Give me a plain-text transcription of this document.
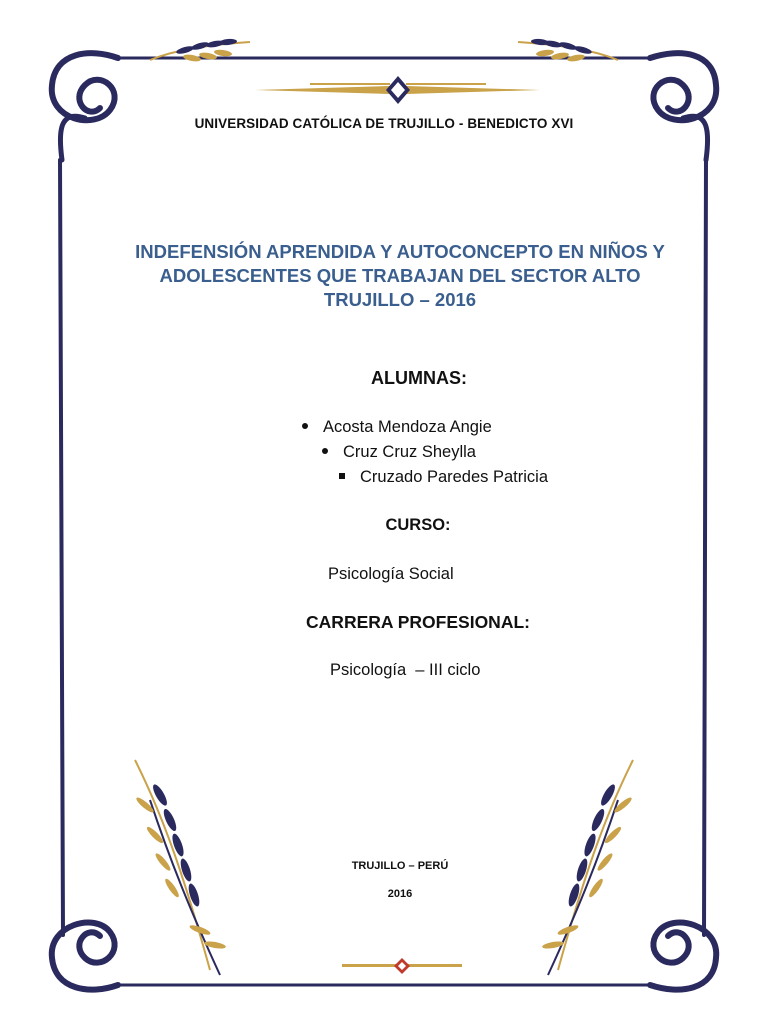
UNIVERSIDAD CATÓLICA DE TRUJILLO - BENEDICTO XVI
INDEFENSIÓN APRENDIDA Y AUTOCONCEPTO EN NIÑOS Y ADOLESCENTES QUE TRABAJAN DEL SECTOR ALTO TRUJILLO – 2016
ALUMNAS:
Acosta Mendoza Angie
Cruz Cruz Sheylla
Cruzado Paredes Patricia
CURSO:
Psicología Social
CARRERA PROFESIONAL:
Psicología  – III ciclo
TRUJILLO – PERÚ
2016
